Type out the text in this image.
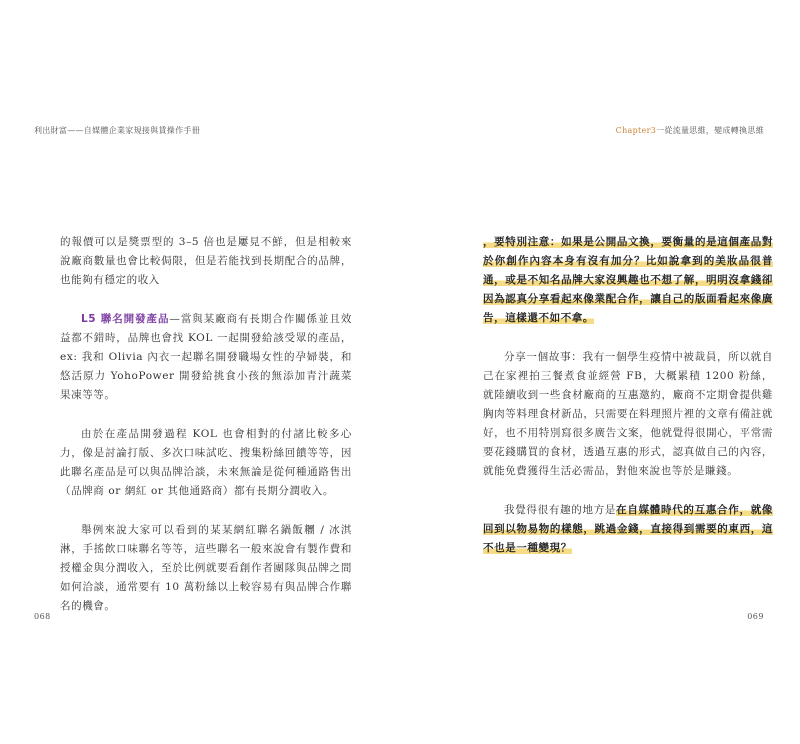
利出財富——自媒體企業家規接與賃操作手冊

的報價可以是獎票型的 3–5 倍也是屢見不鮮，但是相較來說廠商數量也會比較侷限，但是若能找到長期配合的品牌，也能夠有穩定的收入

L5 聯名開發產品—當與某廠商有長期合作關係並且效益都不錯時，品牌也會找 KOL 一起開發給該受眾的產品，ex: 我和 Olivia 內衣一起聯名開發職場女性的孕婦裝，和悠活原力 YohoPower 開發給挑食小孩的無添加青汁蔬菜果凍等等。

由於在產品開發過程 KOL 也會相對的付諸比較多心力，像是討論打版、多次口味試吃、搜集粉絲回饋等等，因此聯名產品是可以與品牌洽談，未來無論是從何種通路售出（品牌商 or 網紅 or 其他通路商）都有長期分潤收入。

舉例來說大家可以看到的某某網紅聯名鍋飯糰 / 冰淇淋，手搖飲口味聯名等等，這些聯名一般來說會有製作費和授權金與分潤收入，至於比例就要看創作者團隊與品牌之間如何洽談，通常要有 10 萬粉絲以上較容易有與品牌合作聯名的機會。

068
Chapter3一從流量思維，變成轉換思維

，要特別注意：如果是公開品文換，要衡量的是這個產品對於你創作內容本身有沒有加分？比如說拿到的美妝品很普通，或是不知名品牌大家沒興趣也不想了解，明明沒拿錢卻因為認真分享看起來像業配合作，讓自己的版面看起來像廣告，這樣還不如不拿。

分享一個故事：我有一個學生疫情中被裁員，所以就自己在家裡拍三餐煮食並經營 FB，大概累積 1200 粉絲，就陸續收到一些食材廠商的互惠邀約，廠商不定期會提供雞胸肉等料理食材新品，只需要在料理照片裡的文章有備註就好，也不用特別寫很多廣告文案，他就覺得很開心，平常需要花錢購買的食材，透過互惠的形式，認真做自己的內容，就能免費獲得生活必需品，對他來說也等於是賺錢。

我覺得很有趣的地方是在自媒體時代的互惠合作，就像回到以物易物的樣態，跳過金錢，直接得到需要的東西，這不也是一種變現？

069
